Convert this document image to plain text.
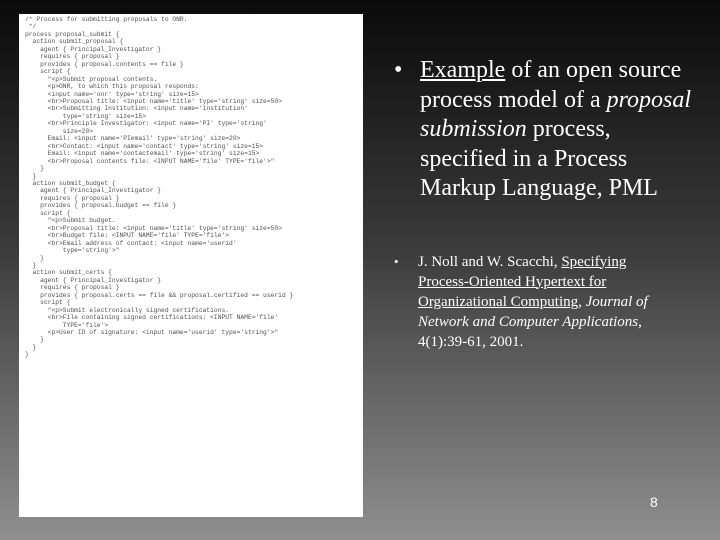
/* Process for submitting proposals to ONR.
*/
process proposal_submit {
action submit_proposal {
agent { Principal_Investigator }
requires { proposal }
provides { proposal.contents == file }
script {
"<p>Submit proposal contents.
<p>ONR, to which this proposal responds:
<input name='onr' type='string' size=15>
<br>Proposal title: <input name='title' type='string' size=50>
<br>Submitting Institution: <input name='institution'
type='string' size=15>
<br>Principle Investigator: <input name='PI' type='string'
size=20>
Email: <input name='PIemail' type='string' size=20>
<br>Contact: <input name='contact' type='string' size=15>
Email: <input name='contactemail' type='string' size=15>
<br>Proposal contents file: <INPUT NAME='file' TYPE='file'>"
}
}
action submit_budget {
agent { Principal_Investigator }
requires { proposal }
provides { proposal.budget == file }
script {
"<p>Submit budget.
<br>Proposal title: <input name='title' type='string' size=50>
<br>Budget file: <INPUT NAME='file' TYPE='file'>
<br>Email address of contact: <input name='userid'
type='string'>"
}
}
action submit_certs {
agent { Principal_Investigator }
requires { proposal }
provides { proposal.certs == file && proposal.certified == userid }
script {
"<p>Submit electronically signed certifications.
<br>File containing signed certifications: <INPUT NAME='file'
TYPE='file'>
<p>User ID of signature: <input name='userid' type='string'>"
}
}
}
• Example of an open source process model of a proposal submission process, specified in a Process Markup Language, PML
• J. Noll and W. Scacchi, Specifying Process-Oriented Hypertext for Organizational Computing, Journal of Network and Computer Applications, 4(1):39-61, 2001.
8
